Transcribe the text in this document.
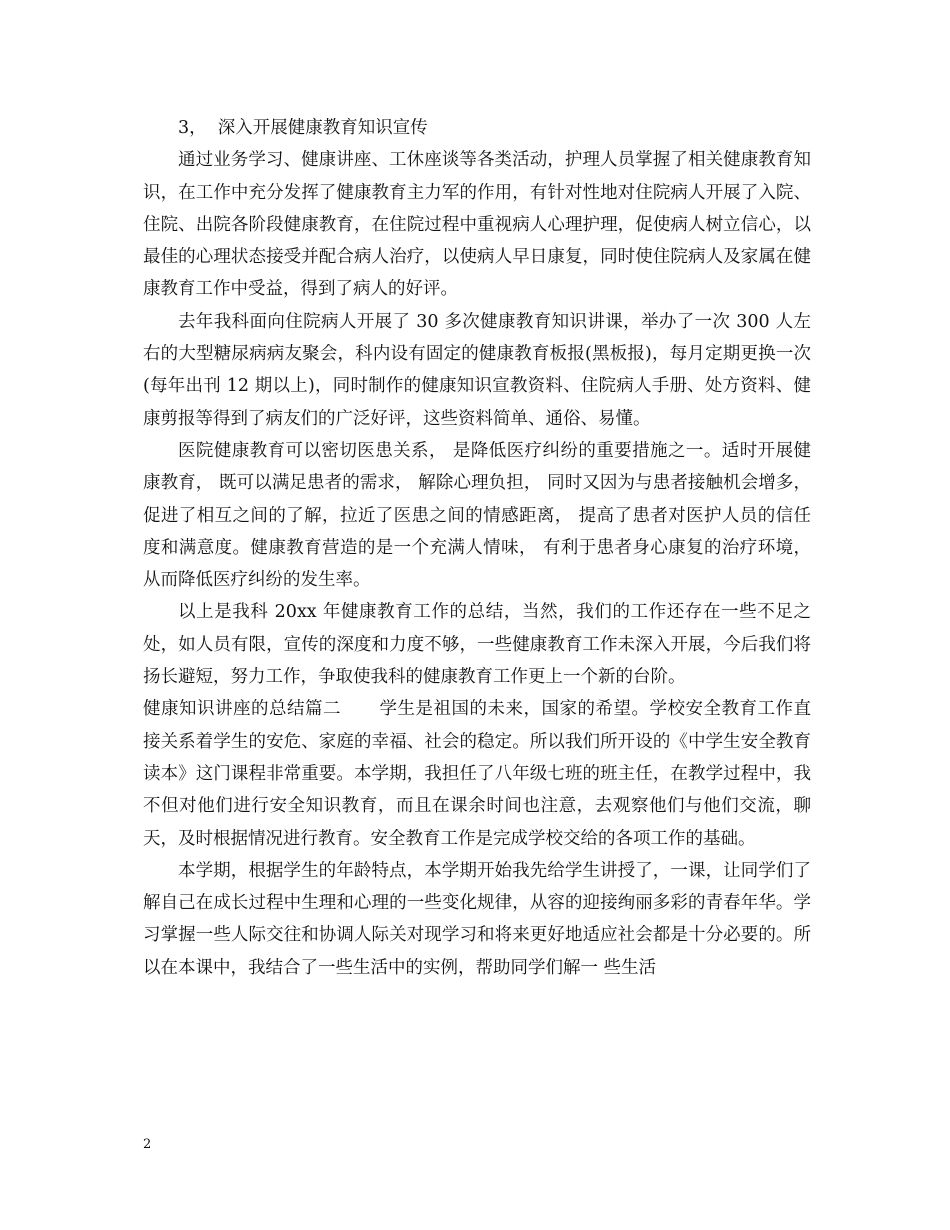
3，  深入开展健康教育知识宣传

通过业务学习、健康讲座、工休座谈等各类活动，护理人员掌握了相关健康教育知识，在工作中充分发挥了健康教育主力军的作用，有针对性地对住院病人开展了入院、住院、出院各阶段健康教育，在住院过程中重视病人心理护理，促使病人树立信心，以最佳的心理状态接受并配合病人治疗，以使病人早日康复，同时使住院病人及家属在健康教育工作中受益，得到了病人的好评。

去年我科面向住院病人开展了 30 多次健康教育知识讲课，举办了一次 300 人左右的大型糖尿病病友聚会，科内设有固定的健康教育板报(黑板报)，每月定期更换一次(每年出刊 12 期以上)，同时制作的健康知识宣教资料、住院病人手册、处方资料、健康剪报等得到了病友们的广泛好评，这些资料简单、通俗、易懂。

医院健康教育可以密切医患关系， 是降低医疗纠纷的重要措施之一。适时开展健康教育， 既可以满足患者的需求， 解除心理负担， 同时又因为与患者接触机会增多， 促进了相互之间的了解，拉近了医患之间的情感距离， 提高了患者对医护人员的信任度和满意度。健康教育营造的是一个充满人情味， 有利于患者身心康复的治疗环境， 从而降低医疗纠纷的发生率。

以上是我科 20xx 年健康教育工作的总结，当然，我们的工作还存在一些不足之处，如人员有限，宣传的深度和力度不够，一些健康教育工作未深入开展，今后我们将扬长避短，努力工作，争取使我科的健康教育工作更上一个新的台阶。

健康知识讲座的总结篇二 学生是祖国的未来，国家的希望。学校安全教育工作直接关系着学生的安危、家庭的幸福、社会的稳定。所以我们所开设的《中学生安全教育读本》这门课程非常重要。本学期，我担任了八年级七班的班主任，在教学过程中，我不但对他们进行安全知识教育，而且在课余时间也注意，去观察他们与他们交流，聊天，及时根据情况进行教育。安全教育工作是完成学校交给的各项工作的基础。

本学期，根据学生的年龄特点，本学期开始我先给学生讲授了，一课，让同学们了解自己在成长过程中生理和心理的一些变化规律，从容的迎接绚丽多彩的青春年华。学习掌握一些人际交往和协调人际关对现学习和将来更好地适应社会都是十分必要的。所以在本课中，我结合了一些生活中的实例，帮助同学们解一 些生活

2
